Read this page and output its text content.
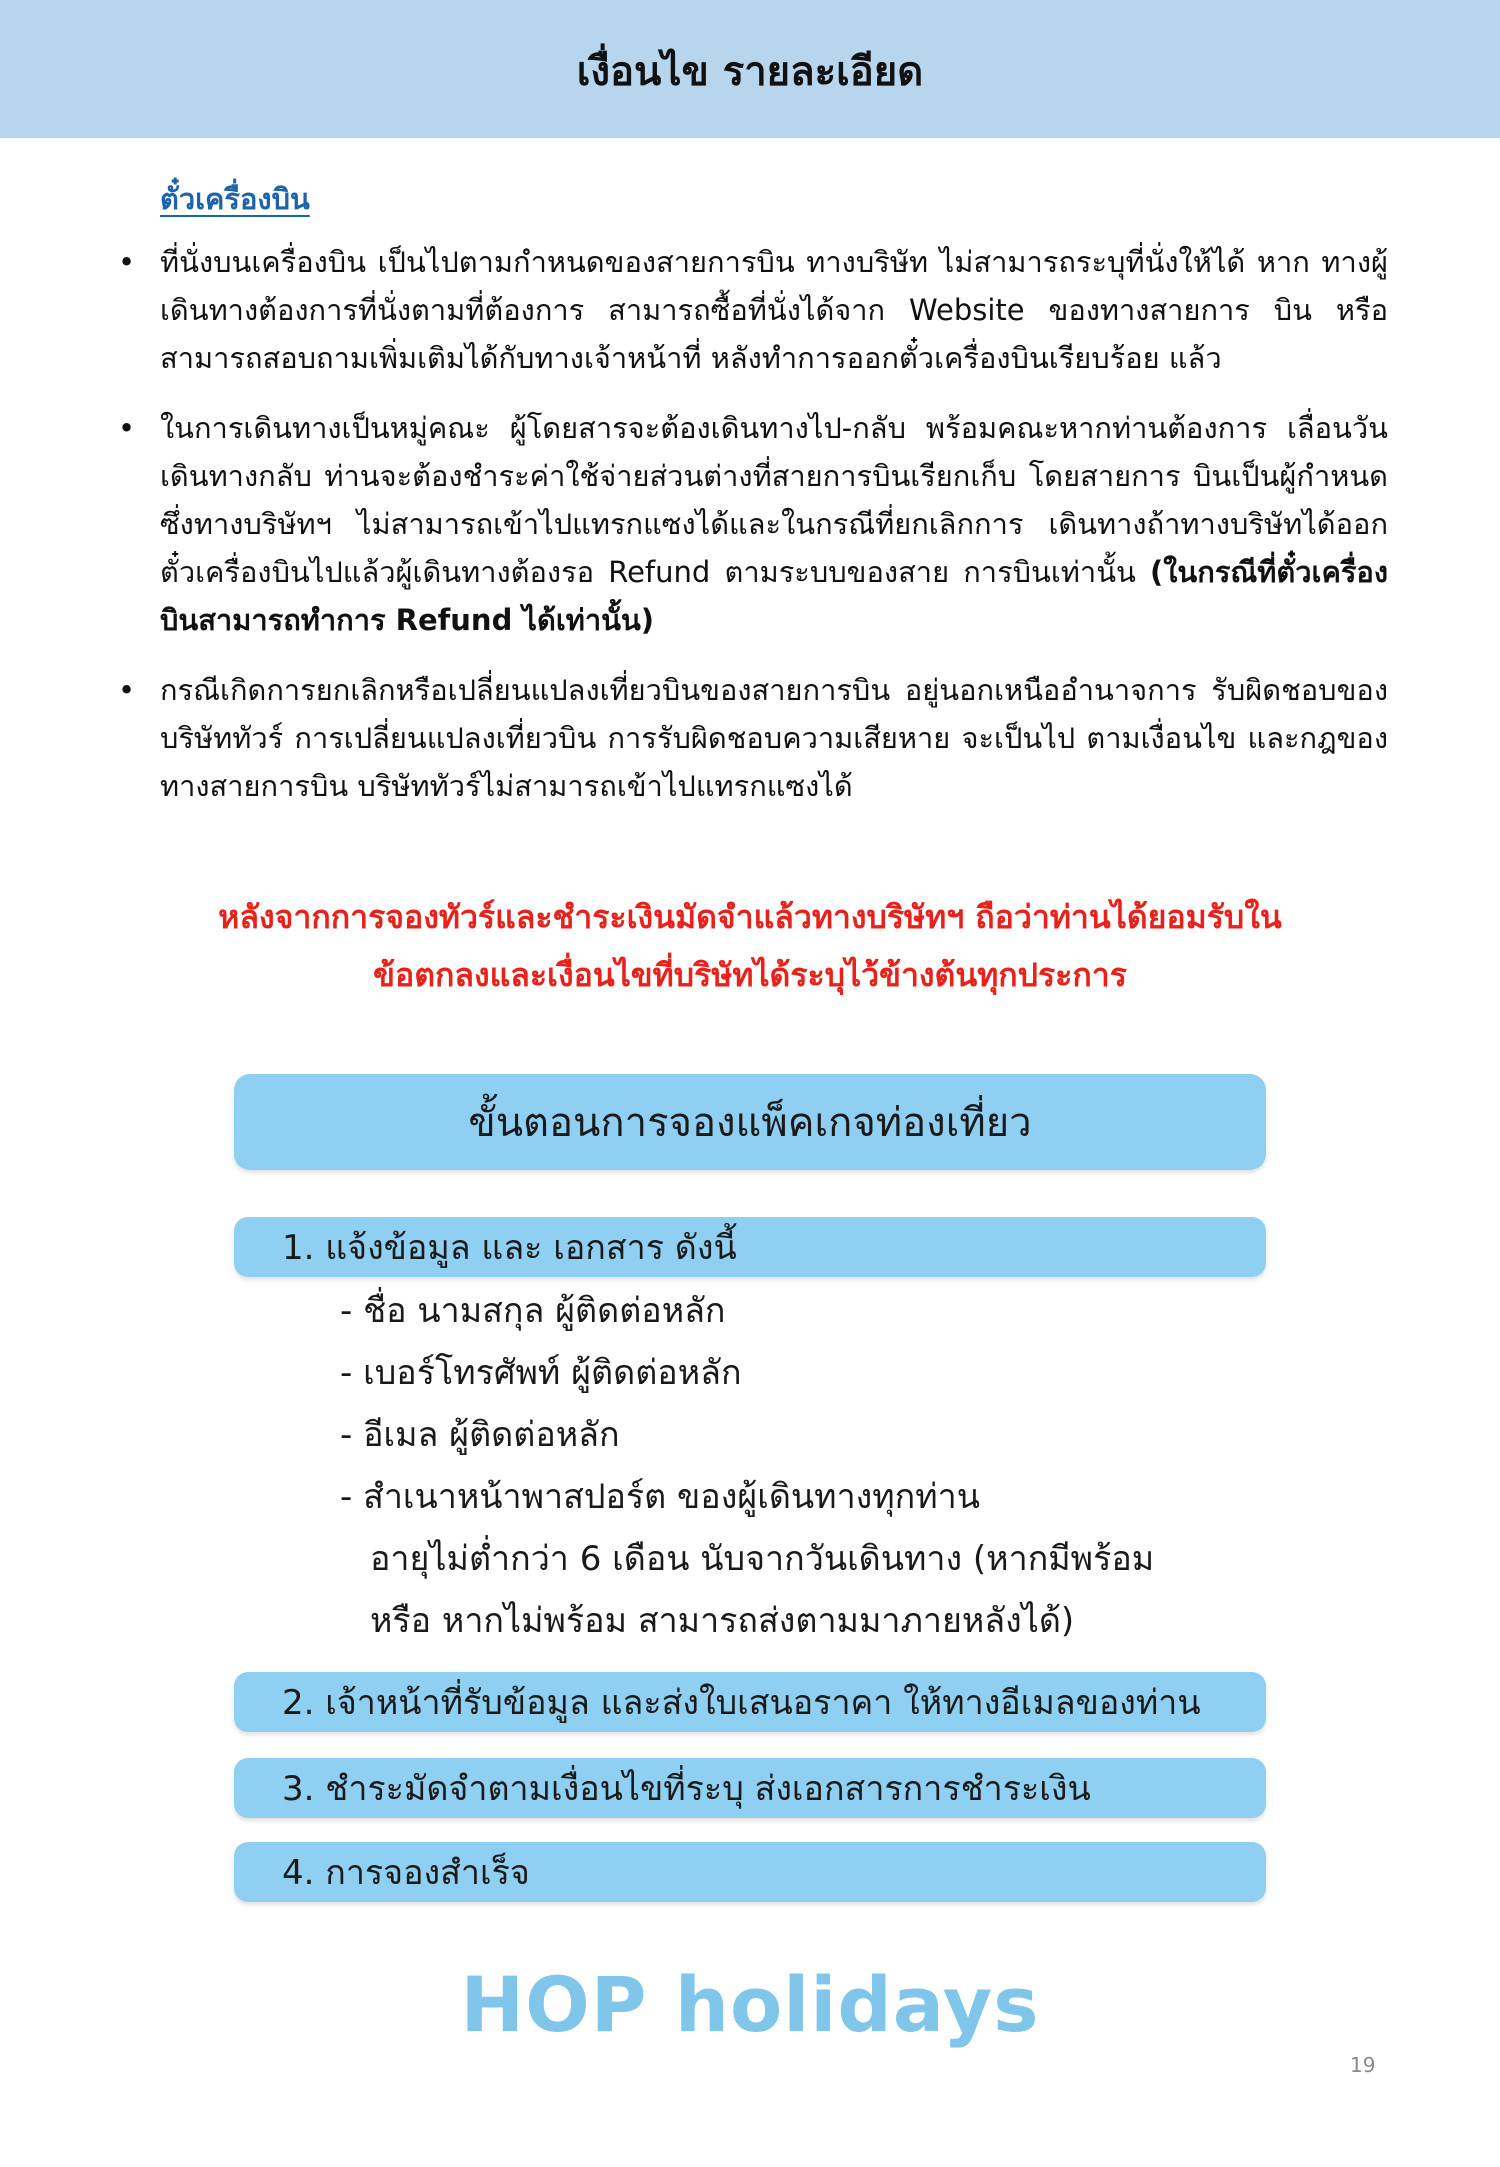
เงื่อนไข รายละเอียด
ตั๋วเครื่องบิน
• ที่นั่งบนเครื่องบิน เป็นไปตามกำหนดของสายการบิน ทางบริษัท ไม่สามารถระบุที่นั่งให้ได้ หาก ทางผู้เดินทางต้องการที่นั่งตามที่ต้องการ สามารถซื้อที่นั่งได้จาก Website ของทางสายการ บิน หรือสามารถสอบถามเพิ่มเติมได้กับทางเจ้าหน้าที่ หลังทำการออกตั๋วเครื่องบินเรียบร้อย แล้ว
• ในการเดินทางเป็นหมู่คณะ ผู้โดยสารจะต้องเดินทางไป-กลับ พร้อมคณะหากท่านต้องการ เลื่อนวันเดินทางกลับ ท่านจะต้องชำระค่าใช้จ่ายส่วนต่างที่สายการบินเรียกเก็บ โดยสายการ บินเป็นผู้กำหนด ซึ่งทางบริษัทฯ ไม่สามารถเข้าไปแทรกแซงได้และในกรณีที่ยกเลิกการ เดินทางถ้าทางบริษัทได้ออกตั๋วเครื่องบินไปแล้วผู้เดินทางต้องรอ Refund ตามระบบของสาย การบินเท่านั้น (ในกรณีที่ตั๋วเครื่องบินสามารถทำการ Refund ได้เท่านั้น)
• กรณีเกิดการยกเลิกหรือเปลี่ยนแปลงเที่ยวบินของสายการบิน อยู่นอกเหนืออำนาจการ รับผิดชอบของบริษัททัวร์ การเปลี่ยนแปลงเที่ยวบิน การรับผิดชอบความเสียหาย จะเป็นไป ตามเงื่อนไข และกฎของทางสายการบิน บริษัททัวร์ไม่สามารถเข้าไปแทรกแซงได้
หลังจากการจองทัวร์และชำระเงินมัดจำแล้วทางบริษัทฯ ถือว่าท่านได้ยอมรับใน
ข้อตกลงและเงื่อนไขที่บริษัทได้ระบุไว้ข้างต้นทุกประการ
ขั้นตอนการจองแพ็คเกจท่องเที่ยว
1. แจ้งข้อมูล และ เอกสาร ดังนี้
- ชื่อ นามสกุล ผู้ติดต่อหลัก
- เบอร์โทรศัพท์ ผู้ติดต่อหลัก
- อีเมล ผู้ติดต่อหลัก
- สำเนาหน้าพาสปอร์ต ของผู้เดินทางทุกท่าน
อายุไม่ต่ำกว่า 6 เดือน นับจากวันเดินทาง (หากมีพร้อม
หรือ หากไม่พร้อม สามารถส่งตามมาภายหลังได้)
2. เจ้าหน้าที่รับข้อมูล และส่งใบเสนอราคา ให้ทางอีเมลของท่าน
3. ชำระมัดจำตามเงื่อนไขที่ระบุ ส่งเอกสารการชำระเงิน
4. การจองสำเร็จ
HOP holidays
19
